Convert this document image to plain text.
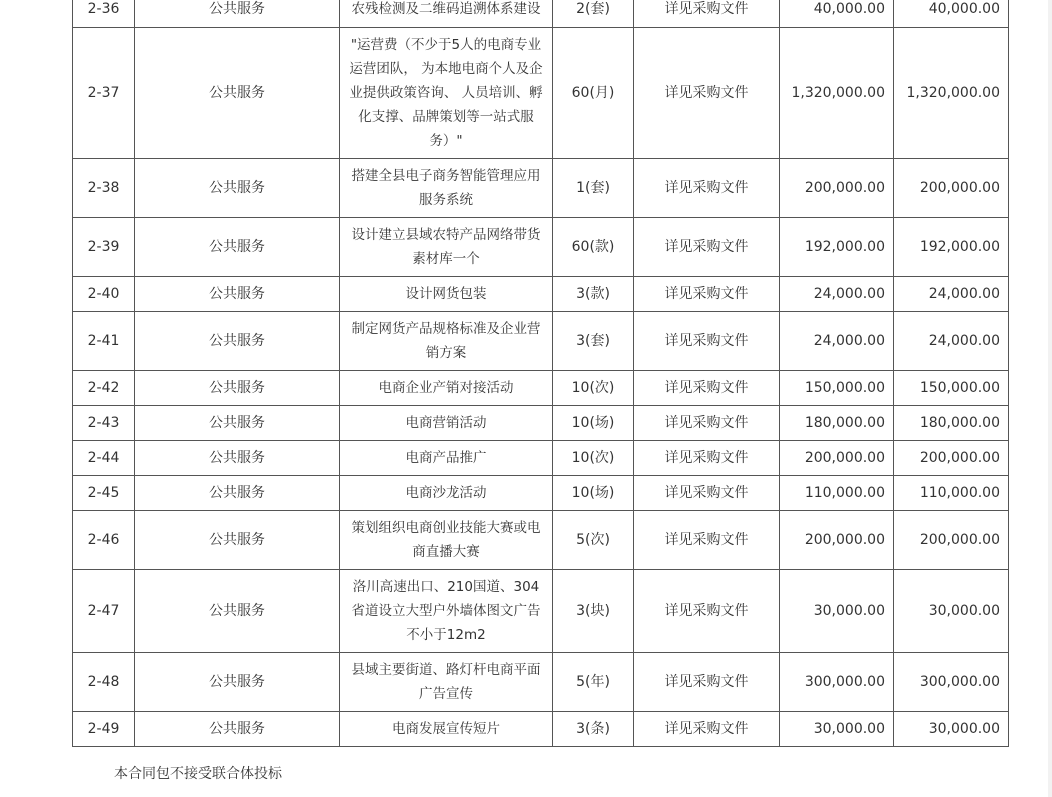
2-36	公共服务	农残检测及二维码追溯体系建设	2(套)	详见采购文件	40,000.00	40,000.00
2-37	公共服务	"运营费（不少于5人的电商专业运营团队， 为本地电商个人及企业提供政策咨询、 人员培训、孵化支撑、品牌策划等一站式服务）"	60(月)	详见采购文件	1,320,000.00	1,320,000.00
2-38	公共服务	搭建全县电子商务智能管理应用服务系统	1(套)	详见采购文件	200,000.00	200,000.00
2-39	公共服务	设计建立县域农特产品网络带货素材库一个	60(款)	详见采购文件	192,000.00	192,000.00
2-40	公共服务	设计网货包装	3(款)	详见采购文件	24,000.00	24,000.00
2-41	公共服务	制定网货产品规格标准及企业营销方案	3(套)	详见采购文件	24,000.00	24,000.00
2-42	公共服务	电商企业产销对接活动	10(次)	详见采购文件	150,000.00	150,000.00
2-43	公共服务	电商营销活动	10(场)	详见采购文件	180,000.00	180,000.00
2-44	公共服务	电商产品推广	10(次)	详见采购文件	200,000.00	200,000.00
2-45	公共服务	电商沙龙活动	10(场)	详见采购文件	110,000.00	110,000.00
2-46	公共服务	策划组织电商创业技能大赛或电商直播大赛	5(次)	详见采购文件	200,000.00	200,000.00
2-47	公共服务	洛川高速出口、210国道、304省道设立大型户外墙体图文广告不小于12m2	3(块)	详见采购文件	30,000.00	30,000.00
2-48	公共服务	县域主要街道、路灯杆电商平面广告宣传	5(年)	详见采购文件	300,000.00	300,000.00
2-49	公共服务	电商发展宣传短片	3(条)	详见采购文件	30,000.00	30,000.00
本合同包不接受联合体投标
